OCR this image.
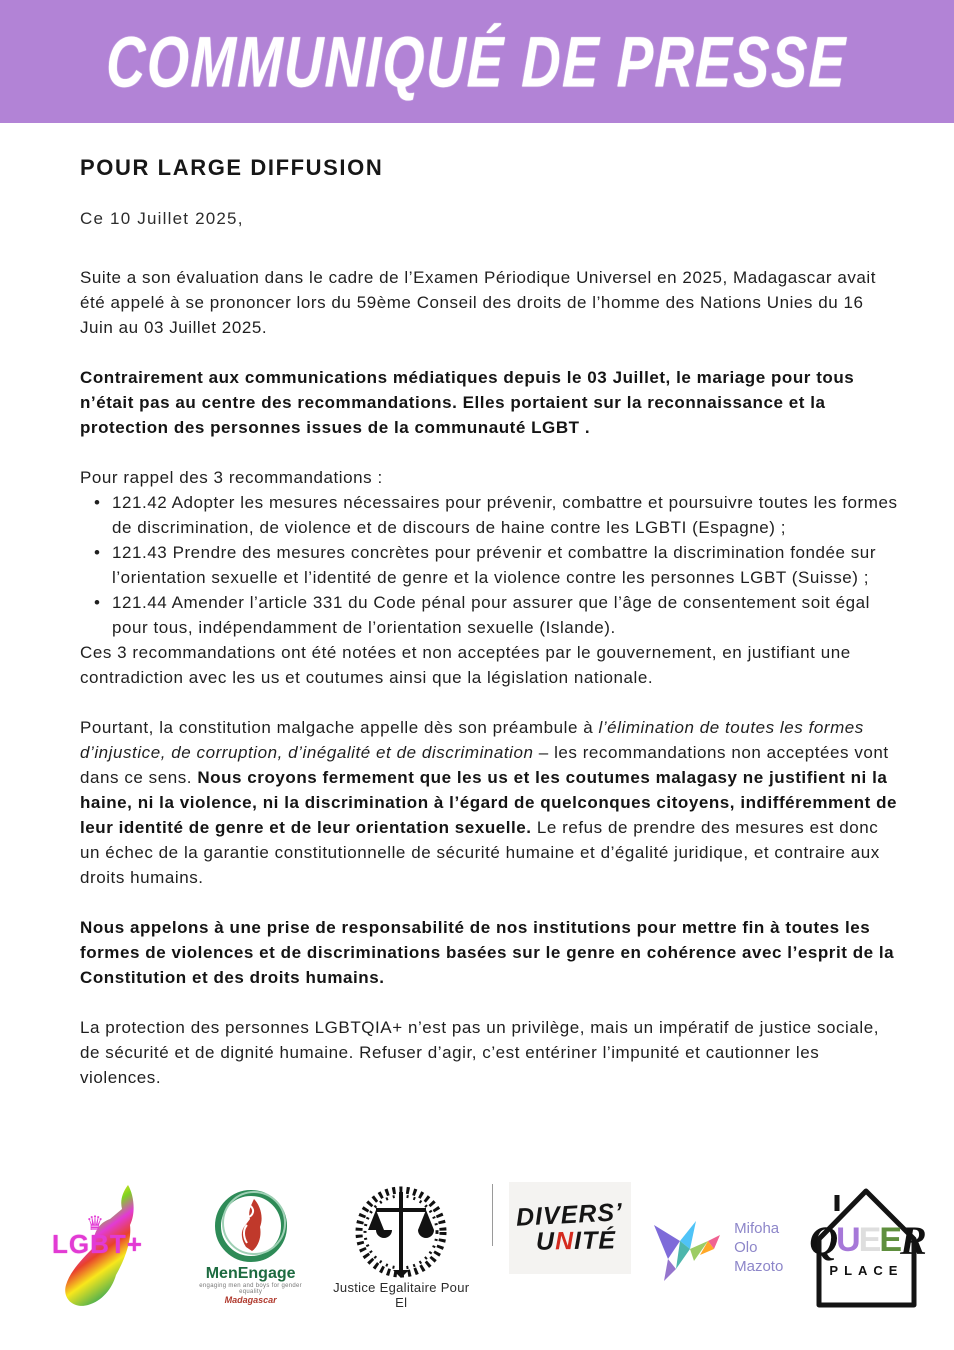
COMMUNIQUÉ DE PRESSE
POUR LARGE DIFFUSION
Ce 10 Juillet 2025,

Suite a son évaluation dans le cadre de l’Examen Périodique Universel en 2025, Madagascar avait été appelé à se prononcer lors du 59ème Conseil des droits de l’homme des Nations Unies du 16 Juin au 03 Juillet 2025.

Contrairement aux communications médiatiques depuis le 03 Juillet, le mariage pour tous n’était pas au centre des recommandations. Elles portaient sur la reconnaissance et la protection des personnes issues de la communauté LGBT .

Pour rappel des 3 recommandations :
• 121.42 Adopter les mesures nécessaires pour prévenir, combattre et poursuivre toutes les formes de discrimination, de violence et de discours de haine contre les LGBTI (Espagne) ;
• 121.43 Prendre des mesures concrètes pour prévenir et combattre la discrimination fondée sur l’orientation sexuelle et l’identité de genre et la violence contre les personnes LGBT (Suisse) ;
• 121.44 Amender l’article 331 du Code pénal pour assurer que l’âge de consentement soit égal pour tous, indépendamment de l’orientation sexuelle (Islande).

Ces 3 recommandations ont été notées et non acceptées par le gouvernement, en justifiant une contradiction avec les us et coutumes ainsi que la législation nationale.

Pourtant, la constitution malgache appelle dès son préambule à l’élimination de toutes les formes d’injustice, de corruption, d’inégalité et de discrimination – les recommandations non acceptées vont dans ce sens. Nous croyons fermement que les us et les coutumes malagasy ne justifient ni la haine, ni la violence, ni la discrimination à l’égard de quelconques citoyens, indifféremment de leur identité de genre et de leur orientation sexuelle. Le refus de prendre des mesures est donc un échec de la garantie constitutionnelle de sécurité humaine et d’égalité juridique, et contraire aux droits humains.

Nous appelons à une prise de responsabilité de nos institutions pour mettre fin à toutes les formes de violences et de discriminations basées sur le genre en cohérence avec l’esprit de la Constitution et des droits humains.

La protection des personnes LGBTQIA+ n’est pas un privilège, mais un impératif de justice sociale, de sécurité et de dignité humaine. Refuser d’agir, c’est entériner l’impunité et cautionner les violences.

♛
LGBT+
MenEngage
engaging men and boys for gender equality
Madagascar
Justice Egalitaire Pour El
DIVERS’
UNITÉ	Mifoha
Olo
Mazoto
Q
U
E
E
R
PLACE
